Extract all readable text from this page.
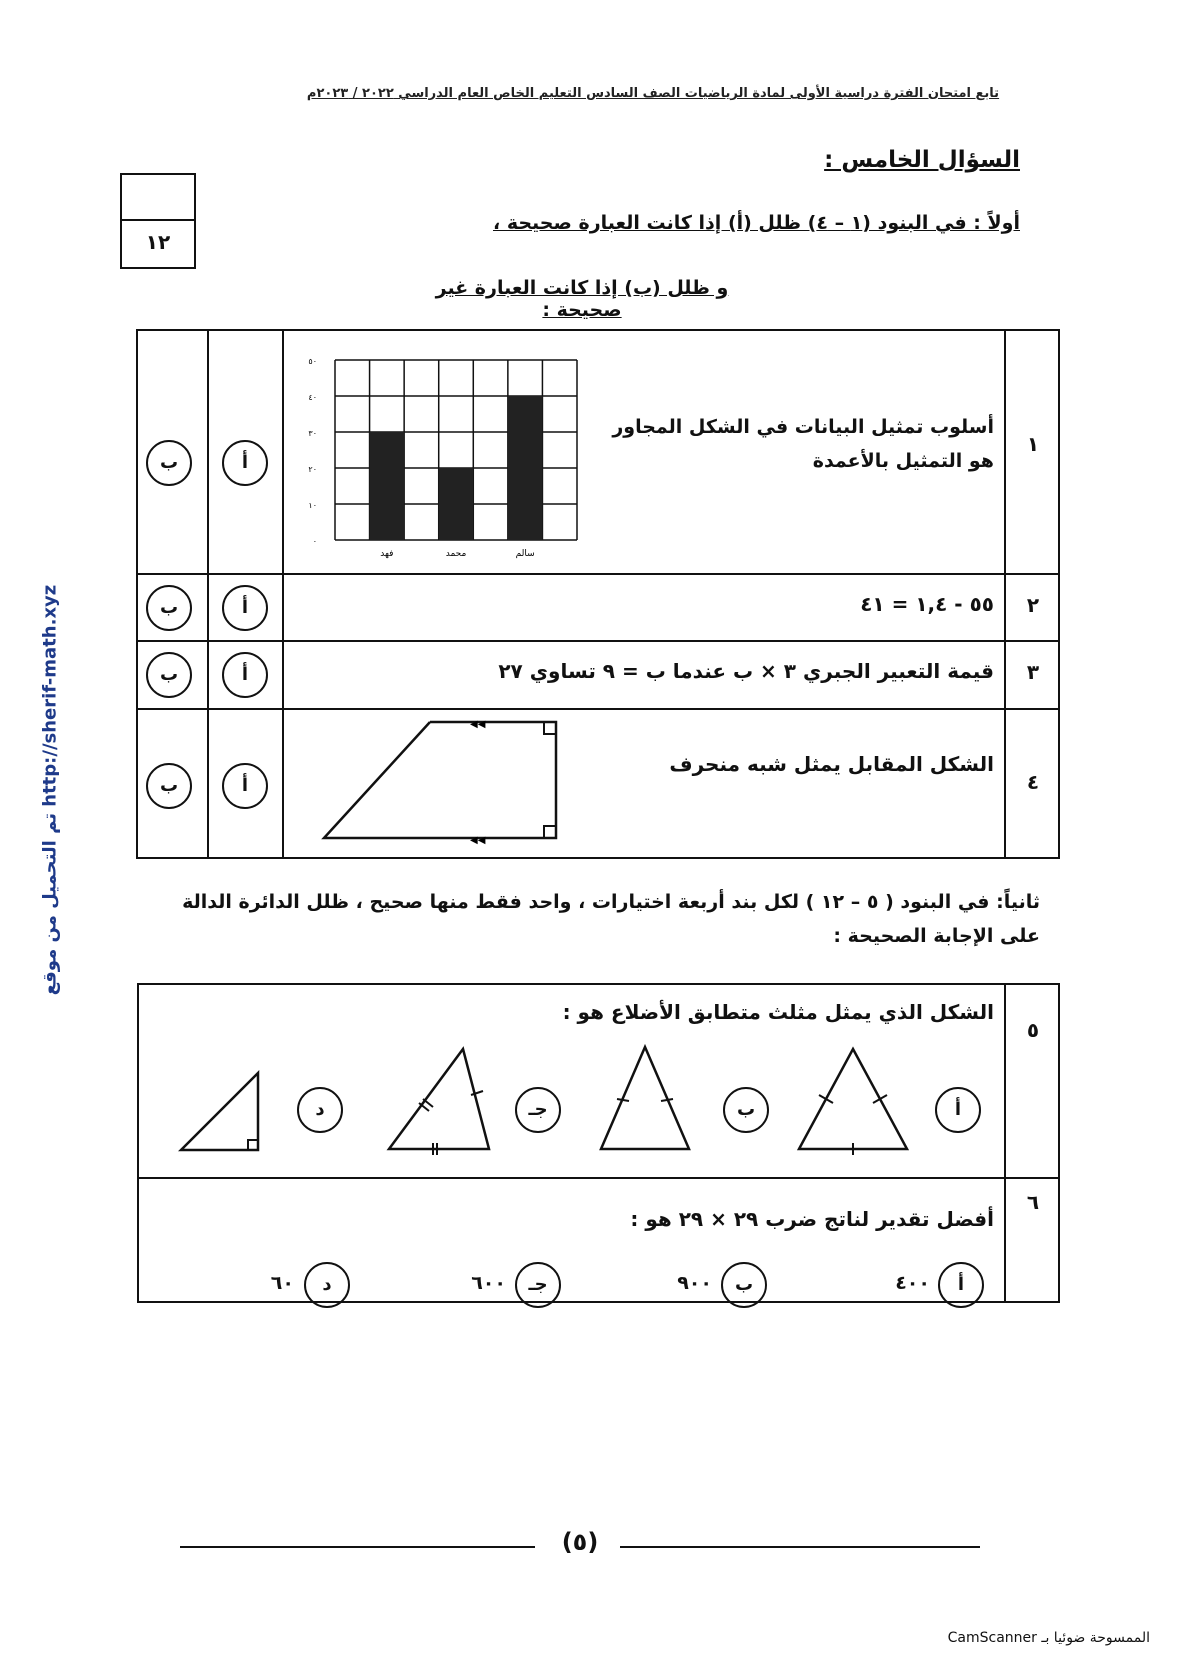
تابع امتحان الفترة دراسية الأولى لمادة الرياضيات الصف السادس التعليم الخاص العام الدراسي ٢٠٢٢ / ٢٠٢٣م
السؤال الخامس :
١٢
أولاً : في البنود (١ – ٤) ظلل (أ) إذا كانت العبارة صحيحة ،
و ظلل (ب) إذا كانت العبارة غير صحيحة :
تم التحميل من موقع http://sherif-math.xyz
١
أسلوب تمثيل البيانات في الشكل المجاور هو التمثيل بالأعمدة
أ
ب
٥٠
٤٠
٣٠
٢٠
١٠
٠
سالم
محمد
فهد
٢
٥٥ - ١,٤ = ٤١
أ
ب
٣
قيمة التعبير الجبري ٣ × ب عندما ب = ٩ تساوي ٢٧
أ
ب
٤
الشكل المقابل يمثل شبه منحرف
أ
ب
◀◀
◀◀
ثانياً: في البنود ( ٥ – ١٢ ) لكل بند أربعة اختيارات ، واحد فقط منها صحيح ، ظلل الدائرة الدالة على الإجابة الصحيحة :
٥
الشكل الذي يمثل مثلث متطابق الأضلاع هو :
أ
ب
جـ
د
٦
أفضل تقدير لناتج ضرب ٢٩ × ٢٩ هو :
أ
٤٠٠
ب
٩٠٠
جـ
٦٠٠
د
٦٠
(٥)
الممسوحة ضوئيا بـ CamScanner
